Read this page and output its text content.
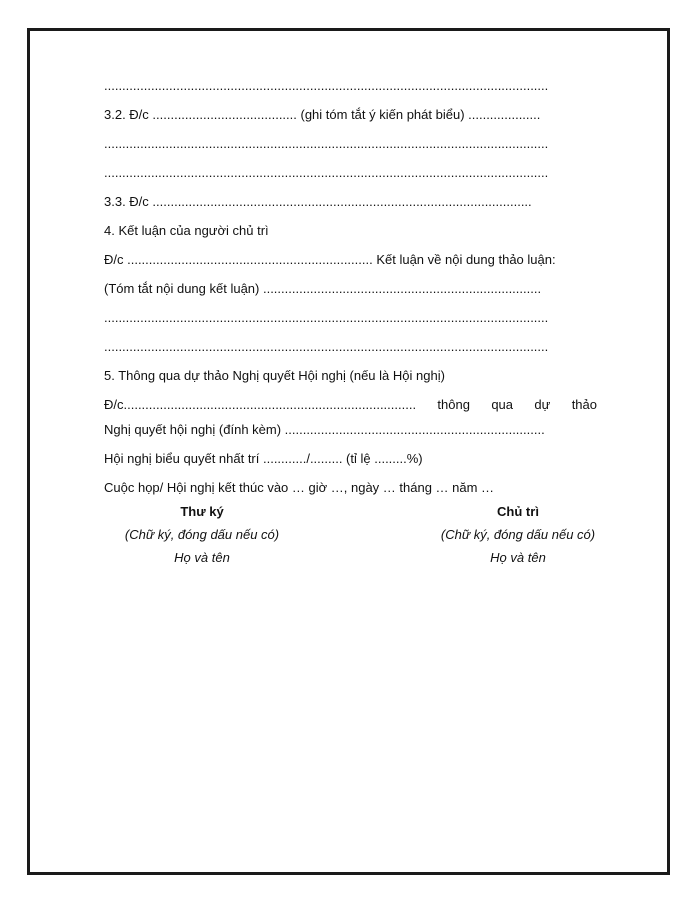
...........................................................................................................................
3.2. Đ/c ........................................ (ghi tóm tắt ý kiến phát biểu) ....................
...........................................................................................................................
...........................................................................................................................
3.3. Đ/c .........................................................................................................
4. Kết luận của người chủ trì
Đ/c .................................................................... Kết luận về nội dung thảo luận:
(Tóm tắt nội dung kết luận) .............................................................................
...........................................................................................................................
...........................................................................................................................
5. Thông qua dự thảo Nghị quyết Hội nghị (nếu là Hội nghị)
Đ/c................................................................................. thông qua dự thảo
Nghị quyết hội nghị (đính kèm) ........................................................................
Hội nghị biểu quyết nhất trí ............/......... (tỉ lệ .........%)
Cuộc họp/ Hội nghị kết thúc vào … giờ …, ngày … tháng … năm …
Thư ký
(Chữ ký, đóng dấu nếu có)
Họ và tên
Chủ trì
(Chữ ký, đóng dấu nếu có)
Họ và tên
